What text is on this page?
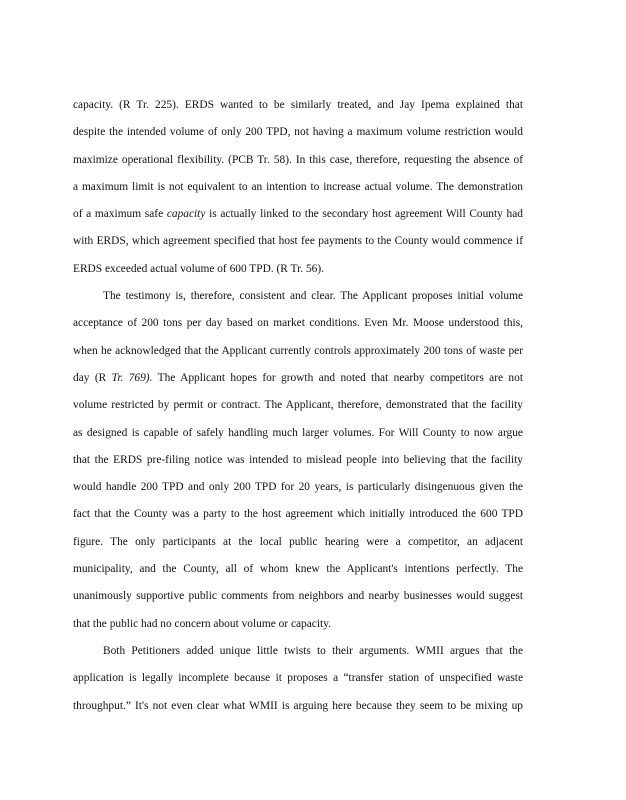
capacity. (R Tr. 225). ERDS wanted to be similarly treated, and Jay Ipema explained that
despite the intended volume of only 200 TPD, not having a maximum volume restriction would
maximize operational flexibility. (PCB Tr. 58). In this case, therefore, requesting the absence of
a maximum limit is not equivalent to an intention to increase actual volume. The demonstration
of a maximum safe capacity is actually linked to the secondary host agreement Will County had
with ERDS, which agreement specified that host fee payments to the County would commence if
ERDS exceeded actual volume of 600 TPD. (R Tr. 56).
The testimony is, therefore, consistent and clear. The Applicant proposes initial volume
acceptance of 200 tons per day based on market conditions. Even Mr. Moose understood this,
when he acknowledged that the Applicant currently controls approximately 200 tons of waste per
day (R Tr. 769). The Applicant hopes for growth and noted that nearby competitors are not
volume restricted by permit or contract. The Applicant, therefore, demonstrated that the facility
as designed is capable of safely handling much larger volumes. For Will County to now argue
that the ERDS pre-filing notice was intended to mislead people into believing that the facility
would handle 200 TPD and only 200 TPD for 20 years, is particularly disingenuous given the
fact that the County was a party to the host agreement which initially introduced the 600 TPD
figure. The only participants at the local public hearing were a competitor, an adjacent
municipality, and the County, all of whom knew the Applicant's intentions perfectly. The
unanimously supportive public comments from neighbors and nearby businesses would suggest
that the public had no concern about volume or capacity.
Both Petitioners added unique little twists to their arguments. WMII argues that the
application is legally incomplete because it proposes a “transfer station of unspecified waste
throughput.” It's not even clear what WMII is arguing here because they seem to be mixing up
